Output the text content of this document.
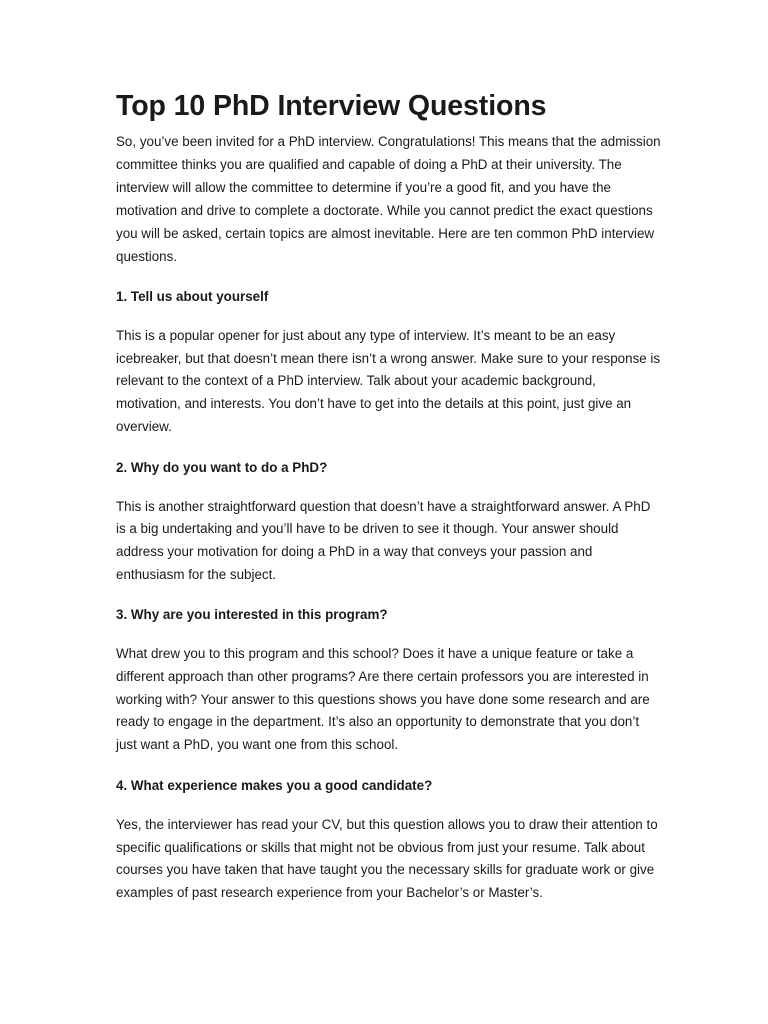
Top 10 PhD Interview Questions

So, you’ve been invited for a PhD interview. Congratulations! This means that the admission committee thinks you are qualified and capable of doing a PhD at their university. The interview will allow the committee to determine if you’re a good fit, and you have the motivation and drive to complete a doctorate. While you cannot predict the exact questions you will be asked, certain topics are almost inevitable. Here are ten common PhD interview questions.

1. Tell us about yourself

This is a popular opener for just about any type of interview. It’s meant to be an easy icebreaker, but that doesn’t mean there isn’t a wrong answer. Make sure to your response is relevant to the context of a PhD interview. Talk about your academic background, motivation, and interests. You don’t have to get into the details at this point, just give an overview.

2. Why do you want to do a PhD?

This is another straightforward question that doesn’t have a straightforward answer. A PhD is a big undertaking and you’ll have to be driven to see it though. Your answer should address your motivation for doing a PhD in a way that conveys your passion and enthusiasm for the subject.

3. Why are you interested in this program?

What drew you to this program and this school? Does it have a unique feature or take a different approach than other programs? Are there certain professors you are interested in working with? Your answer to this questions shows you have done some research and are ready to engage in the department. It’s also an opportunity to demonstrate that you don’t just want a PhD, you want one from this school.

4. What experience makes you a good candidate?

Yes, the interviewer has read your CV, but this question allows you to draw their attention to specific qualifications or skills that might not be obvious from just your resume. Talk about courses you have taken that have taught you the necessary skills for graduate work or give examples of past research experience from your Bachelor’s or Master’s.
